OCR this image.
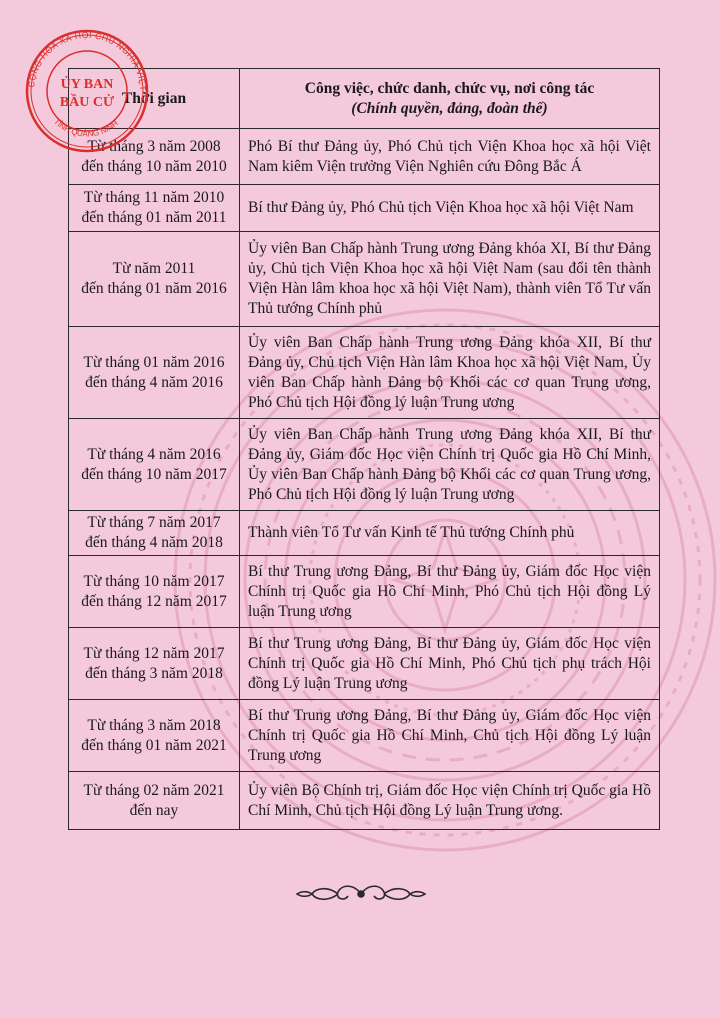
CỘNG HÒA XÃ HỘI CHỦ NGHĨA VIỆT
TỈNH QUẢNG NINH
ỦY BAN
BẦU CỬ Thời gian	Công việc, chức danh, chức vụ, nơi công tác
(Chính quyền, đảng, đoàn thể)

Từ tháng 3 năm 2008
đến tháng 10 năm 2010	Phó Bí thư Đảng ủy, Phó Chủ tịch Viện Khoa học xã hội Việt Nam kiêm Viện trưởng Viện Nghiên cứu Đông Bắc Á

Từ tháng 11 năm 2010
đến tháng 01 năm 2011	Bí thư Đảng ủy, Phó Chủ tịch Viện Khoa học xã hội Việt Nam

Từ năm 2011
đến tháng 01 năm 2016	Ủy viên Ban Chấp hành Trung ương Đảng khóa XI, Bí thư Đảng ủy, Chủ tịch Viện Khoa học xã hội Việt Nam (sau đổi tên thành Viện Hàn lâm khoa học xã hội Việt Nam), thành viên Tổ Tư vấn Thủ tướng Chính phủ

Từ tháng 01 năm 2016
đến tháng 4 năm 2016	Ủy viên Ban Chấp hành Trung ương Đảng khóa XII, Bí thư Đảng ủy, Chủ tịch Viện Hàn lâm Khoa học xã hội Việt Nam, Ủy viên Ban Chấp hành Đảng bộ Khối các cơ quan Trung ương, Phó Chủ tịch Hội đồng lý luận Trung ương

Từ tháng 4 năm 2016
đến tháng 10 năm 2017	Ủy viên Ban Chấp hành Trung ương Đảng khóa XII, Bí thư Đảng ủy, Giám đốc Học viện Chính trị Quốc gia Hồ Chí Minh, Ủy viên Ban Chấp hành Đảng bộ Khối các cơ quan Trung ương, Phó Chủ tịch Hội đồng lý luận Trung ương

Từ tháng 7 năm 2017
đến tháng 4 năm 2018	Thành viên Tổ Tư vấn Kinh tế Thủ tướng Chính phủ

Từ tháng 10 năm 2017
đến tháng 12 năm 2017	Bí thư Trung ương Đảng, Bí thư Đảng ủy, Giám đốc Học viện Chính trị Quốc gia Hồ Chí Minh, Phó Chủ tịch Hội đồng Lý luận Trung ương

Từ tháng 12 năm 2017
đến tháng 3 năm 2018	Bí thư Trung ương Đảng, Bí thư Đảng ủy, Giám đốc Học viện Chính trị Quốc gia Hồ Chí Minh, Phó Chủ tịch phụ trách Hội đồng Lý luận Trung ương

Từ tháng 3 năm 2018
đến tháng 01 năm 2021	Bí thư Trung ương Đảng, Bí thư Đảng ủy, Giám đốc Học viện Chính trị Quốc gia Hồ Chí Minh, Chủ tịch Hội đồng Lý luận Trung ương

Từ tháng 02 năm 2021
đến nay	Ủy viên Bộ Chính trị, Giám đốc Học viện Chính trị Quốc gia Hồ Chí Minh, Chủ tịch Hội đồng Lý luận Trung ương.
